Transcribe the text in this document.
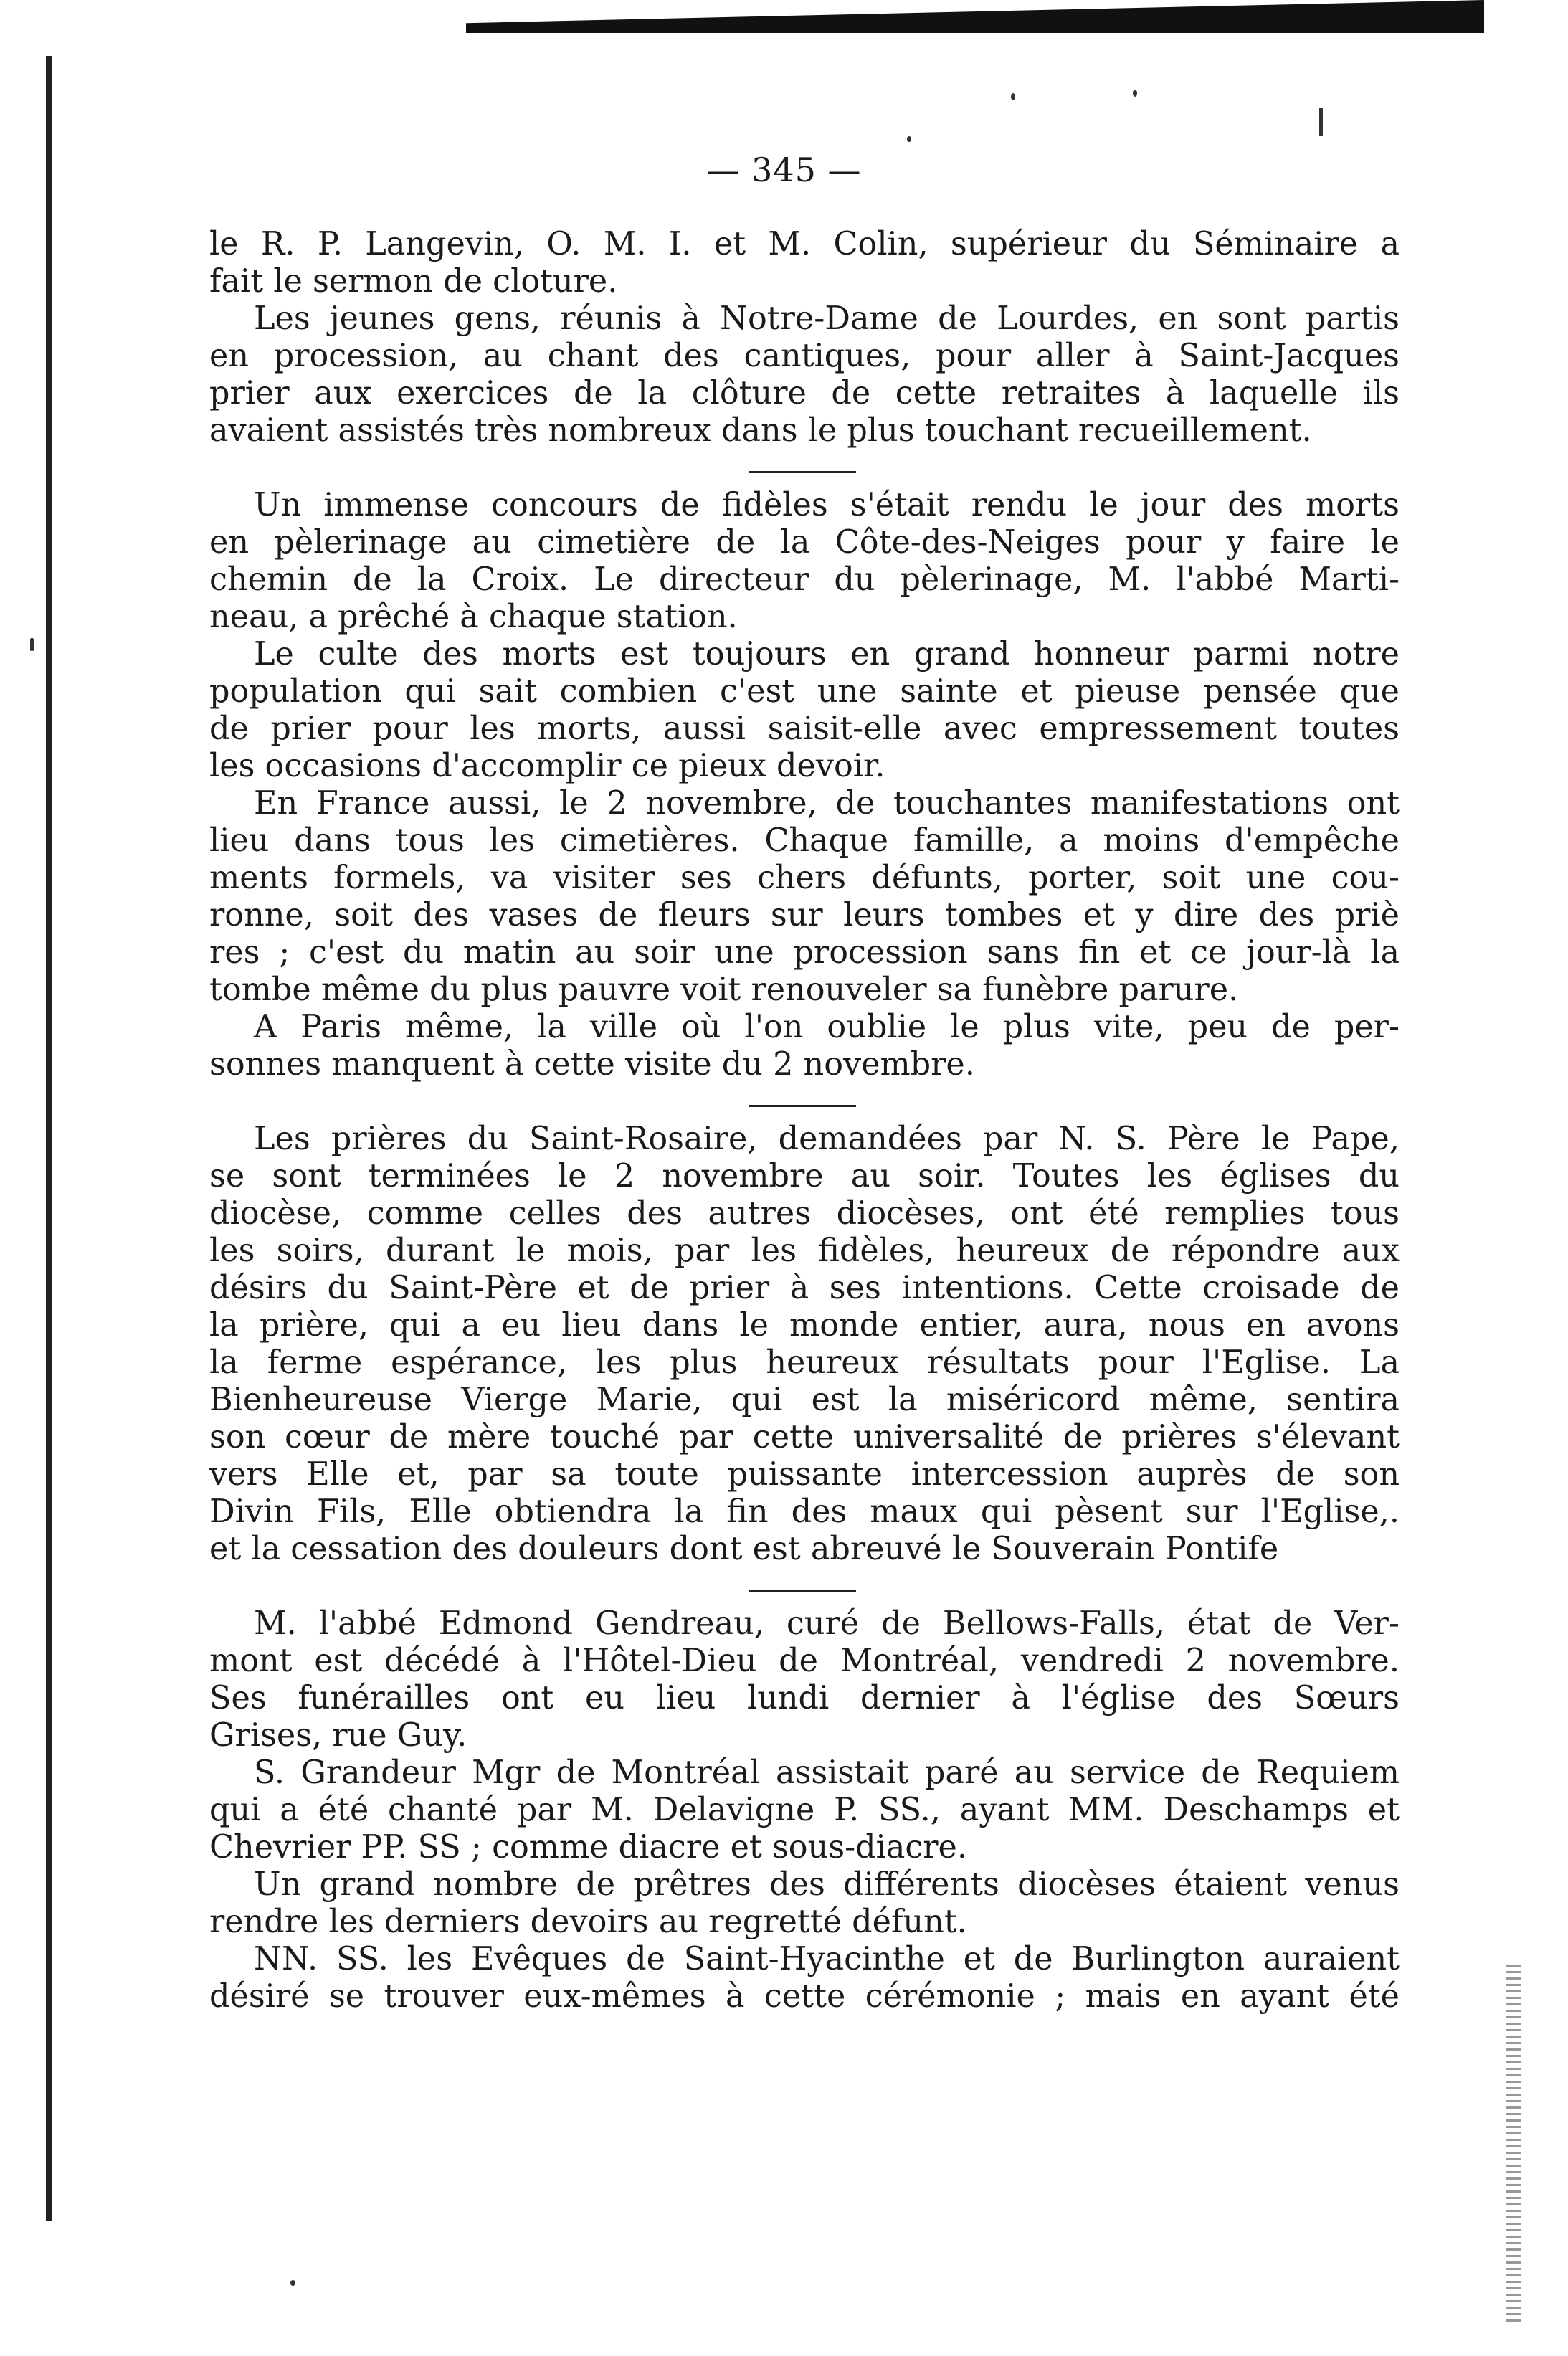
— 345 —
le R. P. Langevin, O. M. I. et M. Colin, supérieur du Séminaire a
fait le sermon de cloture.
Les jeunes gens, réunis à Notre-Dame de Lourdes, en sont partis
en procession, au chant des cantiques, pour aller à Saint-Jacques
prier aux exercices de la clôture de cette retraites à laquelle ils
avaient assistés très nombreux dans le plus touchant recueillement.
Un immense concours de fidèles s'était rendu le jour des morts
en pèlerinage au cimetière de la Côte-des-Neiges pour y faire le
chemin de la Croix. Le directeur du pèlerinage, M. l'abbé Marti-
neau, a prêché à chaque station.
Le culte des morts est toujours en grand honneur parmi notre
population qui sait combien c'est une sainte et pieuse pensée que
de prier pour les morts, aussi saisit-elle avec empressement toutes
les occasions d'accomplir ce pieux devoir.
En France aussi, le 2 novembre, de touchantes manifestations ont
lieu dans tous les cimetières. Chaque famille, a moins d'empêche
ments formels, va visiter ses chers défunts, porter, soit une cou-
ronne, soit des vases de fleurs sur leurs tombes et y dire des priè
res ; c'est du matin au soir une procession sans fin et ce jour-là la
tombe même du plus pauvre voit renouveler sa funèbre parure.
A Paris même, la ville où l'on oublie le plus vite, peu de per-
sonnes manquent à cette visite du 2 novembre.
Les prières du Saint-Rosaire, demandées par N. S. Père le Pape,
se sont terminées le 2 novembre au soir. Toutes les églises du
diocèse, comme celles des autres diocèses, ont été remplies tous
les soirs, durant le mois, par les fidèles, heureux de répondre aux
désirs du Saint-Père et de prier à ses intentions. Cette croisade de
la prière, qui a eu lieu dans le monde entier, aura, nous en avons
la ferme espérance, les plus heureux résultats pour l'Eglise. La
Bienheureuse Vierge Marie, qui est la miséricord même, sentira
son cœur de mère touché par cette universalité de prières s'élevant
vers Elle et, par sa toute puissante intercession auprès de son
Divin Fils, Elle obtiendra la fin des maux qui pèsent sur l'Eglise,.
et la cessation des douleurs dont est abreuvé le Souverain Pontife
M. l'abbé Edmond Gendreau, curé de Bellows-Falls, état de Ver-
mont est décédé à l'Hôtel-Dieu de Montréal, vendredi 2 novembre.
Ses funérailles ont eu lieu lundi dernier à l'église des Sœurs
Grises, rue Guy.
S. Grandeur Mgr de Montréal assistait paré au service de Requiem
qui a été chanté par M. Delavigne P. SS., ayant MM. Deschamps et
Chevrier PP. SS ; comme diacre et sous-diacre.
Un grand nombre de prêtres des différents diocèses étaient venus
rendre les derniers devoirs au regretté défunt.
NN. SS. les Evêques de Saint-Hyacinthe et de Burlington auraient
désiré se trouver eux-mêmes à cette cérémonie ; mais en ayant été
